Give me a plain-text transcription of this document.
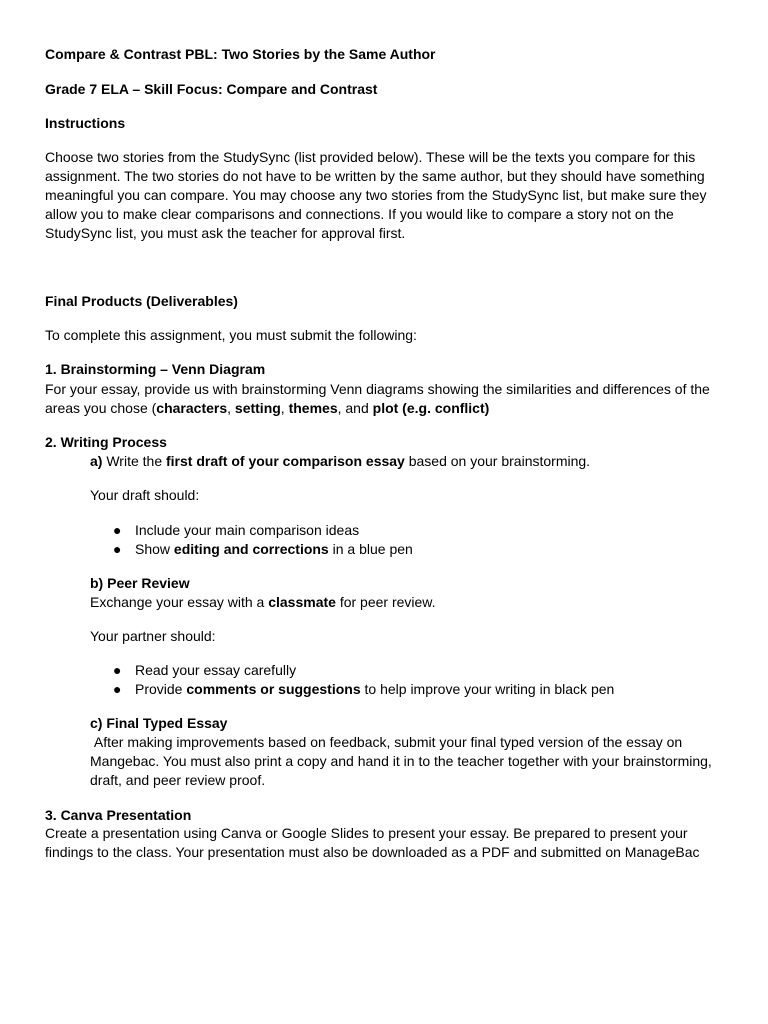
Compare & Contrast PBL: Two Stories by the Same Author

Grade 7 ELA – Skill Focus: Compare and Contrast

Instructions

Choose two stories from the StudySync (list provided below). These will be the texts you compare for this assignment. The two stories do not have to be written by the same author, but they should have something meaningful you can compare. You may choose any two stories from the StudySync list, but make sure they allow you to make clear comparisons and connections. If you would like to compare a story not on the StudySync list, you must ask the teacher for approval first.

Final Products (Deliverables)

To complete this assignment, you must submit the following:

1. Brainstorming – Venn Diagram

For your essay, provide us with brainstorming Venn diagrams showing the similarities and differences of the areas you chose (characters, setting, themes, and plot (e.g. conflict)

2. Writing Process

a) Write the first draft of your comparison essay based on your brainstorming.

Your draft should:

● Include your main comparison ideas
● Show editing and corrections in a blue pen

b) Peer Review

Exchange your essay with a classmate for peer review.

Your partner should:

● Read your essay carefully
● Provide comments or suggestions to help improve your writing in black pen

c) Final Typed Essay

After making improvements based on feedback, submit your final typed version of the essay on Mangebac. You must also print a copy and hand it in to the teacher together with your brainstorming, draft, and peer review proof.

3. Canva Presentation

Create a presentation using Canva or Google Slides to present your essay. Be prepared to present your findings to the class. Your presentation must also be downloaded as a PDF and submitted on ManageBac
